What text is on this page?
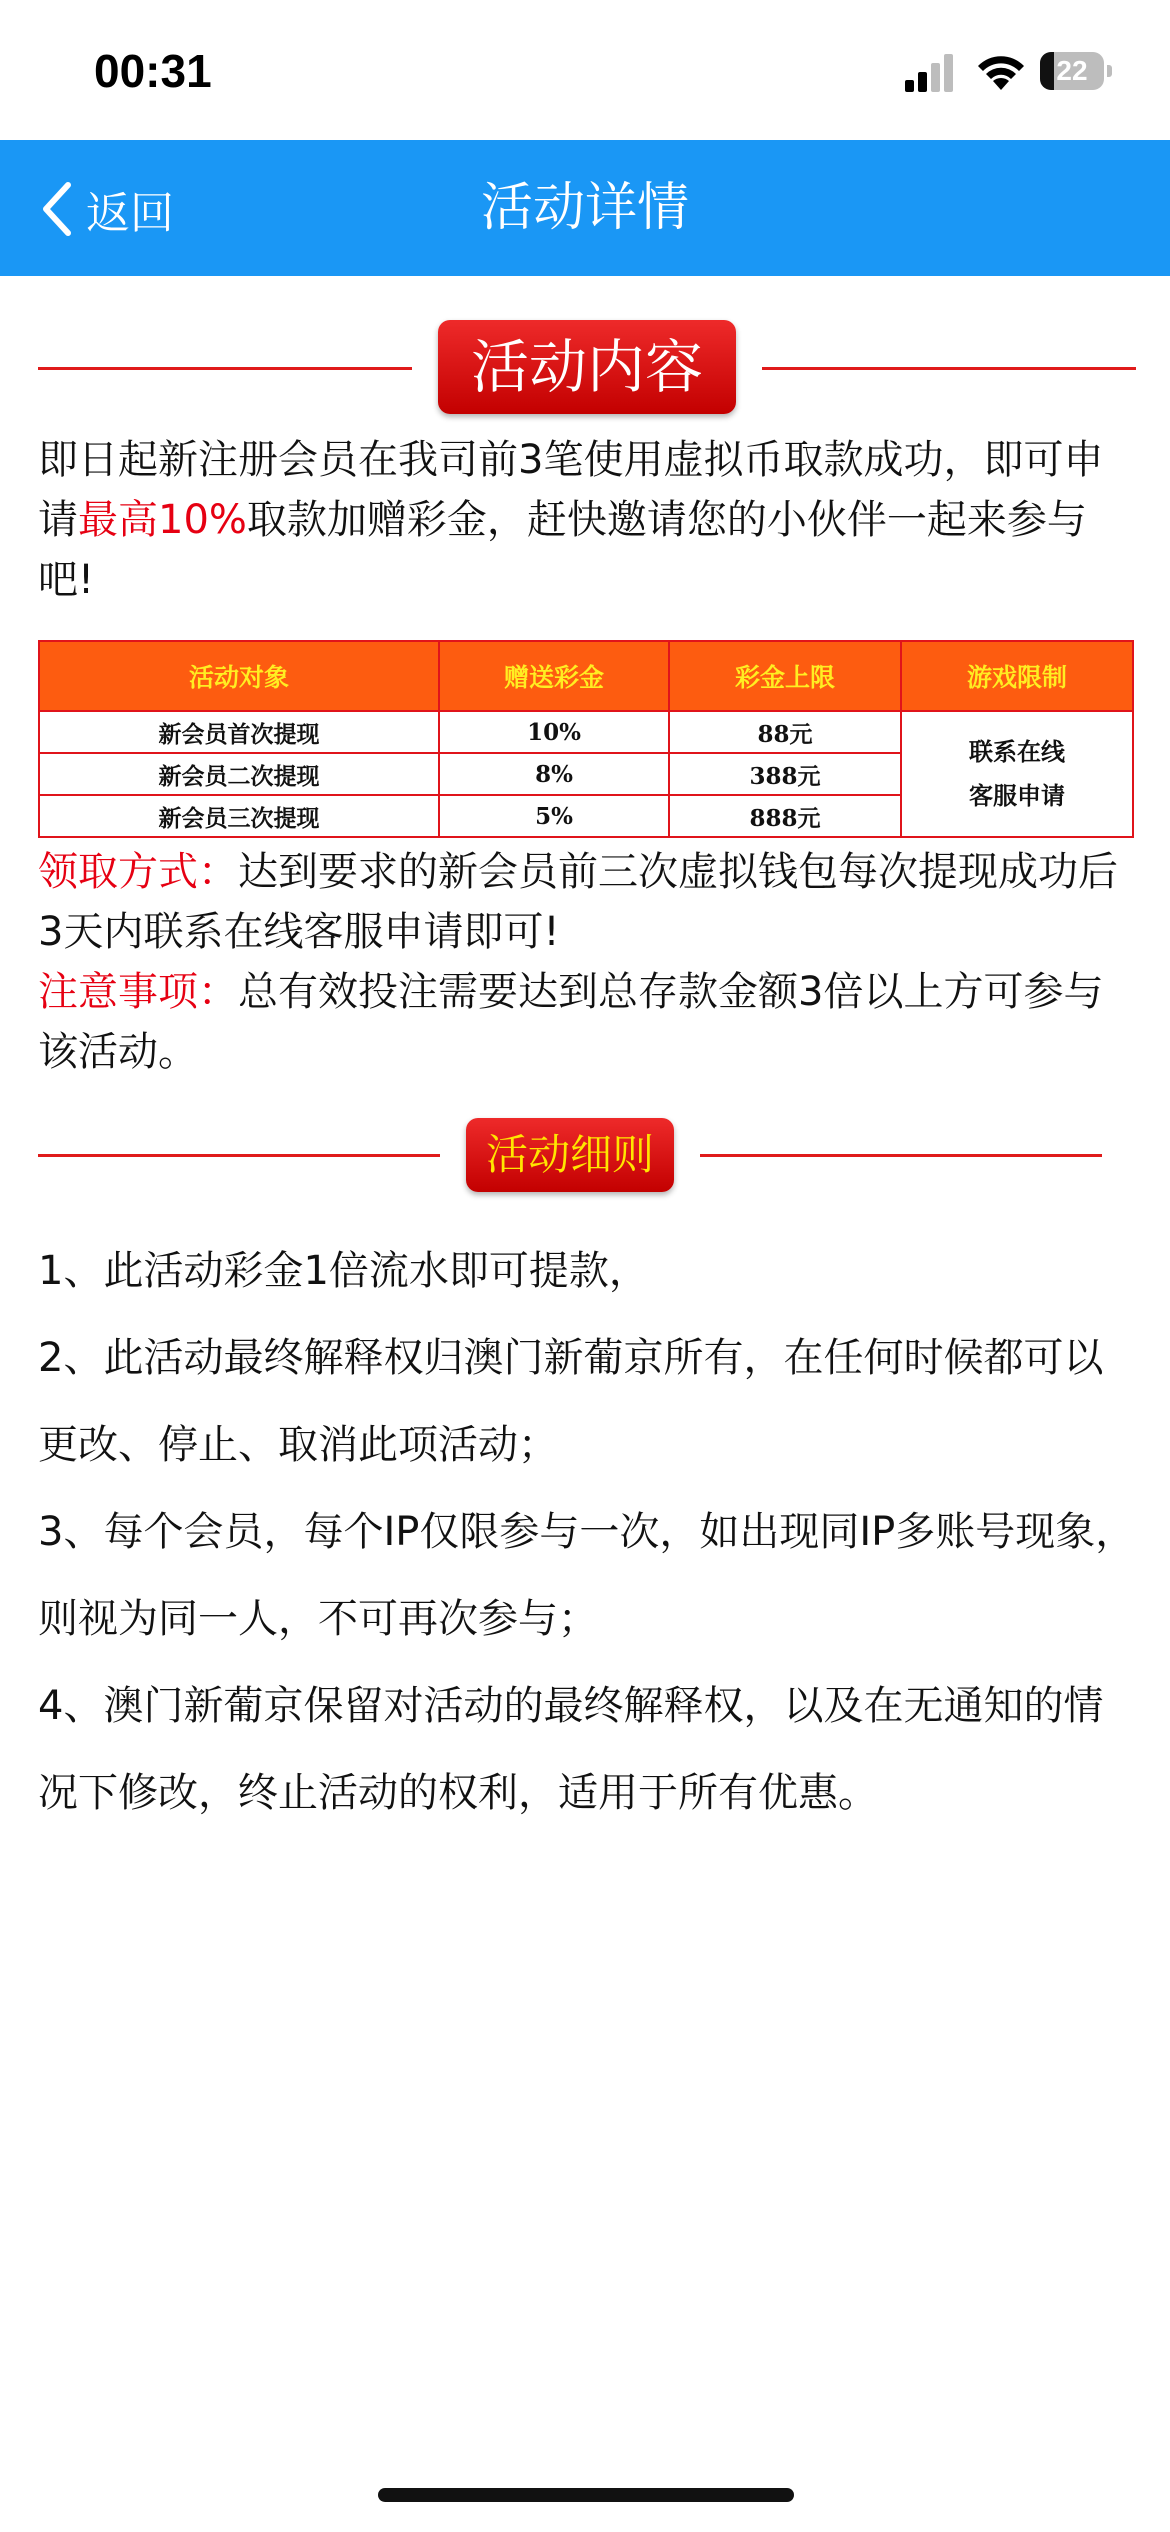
00:31	22
活动详情
返回
活动内容
即日起新注册会员在我司前3笔使用虚拟币取款成功，即可申请最高10%取款加赠彩金，赶快邀请您的小伙伴一起来参与吧!
活动对象	赠送彩金	彩金上限	游戏限制
新会员首次提现	10%	88元	联系在线
客服申请
新会员二次提现	8%	388元	
新会员三次提现	5%	888元	
领取方式：达到要求的新会员前三次虚拟钱包每次提现成功后3天内联系在线客服申请即可!
注意事项：总有效投注需要达到总存款金额3倍以上方可参与该活动。
活动细则

1、此活动彩金1倍流水即可提款，

2、此活动最终解释权归澳门新葡京所有，在任何时候都可以更改、停止、取消此项活动；

3、每个会员，每个IP仅限参与一次，如出现同IP多账号现象，则视为同一人，不可再次参与；

4、澳门新葡京保留对活动的最终解释权，以及在无通知的情况下修改，终止活动的权利，适用于所有优惠。
